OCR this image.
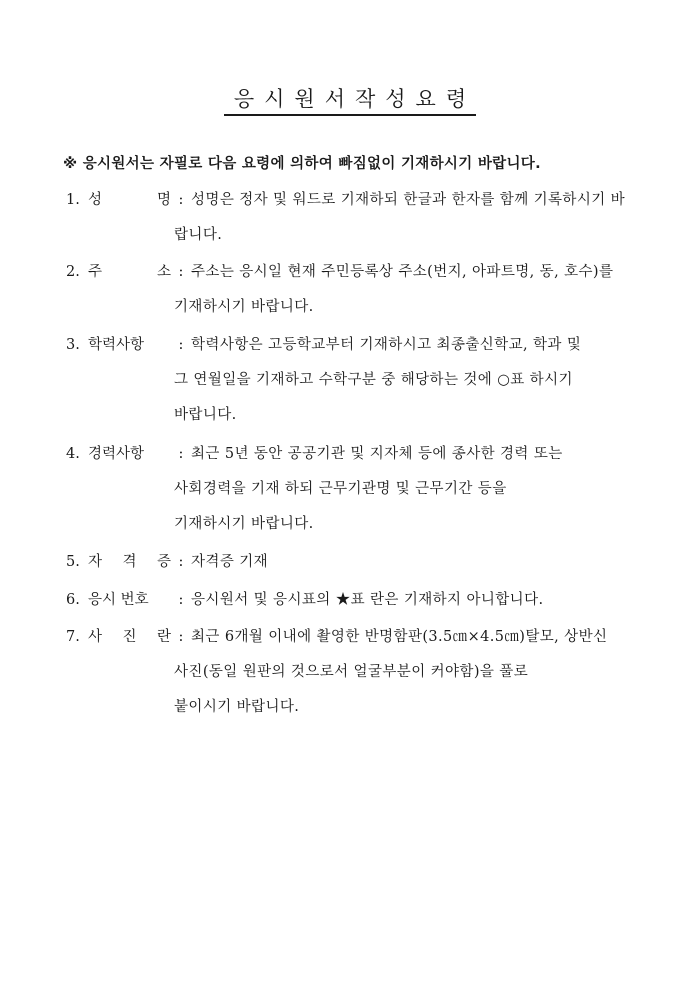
응시원서작성요령
※ 응시원서는 자필로 다음 요령에 의하여 빠짐없이 기재하시기 바랍니다.
1. 성	명 : 성명은 정자 및 워드로 기재하되 한글과 한자를 함께 기록하시기 바
랍니다.
2. 주	소 : 주소는 응시일 현재 주민등록상 주소(번지, 아파트명, 동, 호수)를
기재하시기 바랍니다.
3. 학력사항	: 학력사항은 고등학교부터 기재하시고 최종출신학교, 학과 및
그 연월일을 기재하고 수학구분 중 해당하는 것에 ○표 하시기
바랍니다.
4. 경력사항	: 최근 5년 동안 공공기관 및 지자체 등에 종사한 경력 또는
사회경력을 기재 하되 근무기관명 및 근무기간 등을
기재하시기 바랍니다.
5. 자 격 증 : 자격증 기재
6. 응시 번호	: 응시원서 및 응시표의 ★표 란은 기재하지 아니합니다.
7. 사 진 란 : 최근 6개월 이내에 촬영한 반명함판(3.5㎝×4.5㎝)탈모, 상반신
사진(동일 원판의 것으로서 얼굴부분이 커야함)을 풀로
붙이시기 바랍니다.
